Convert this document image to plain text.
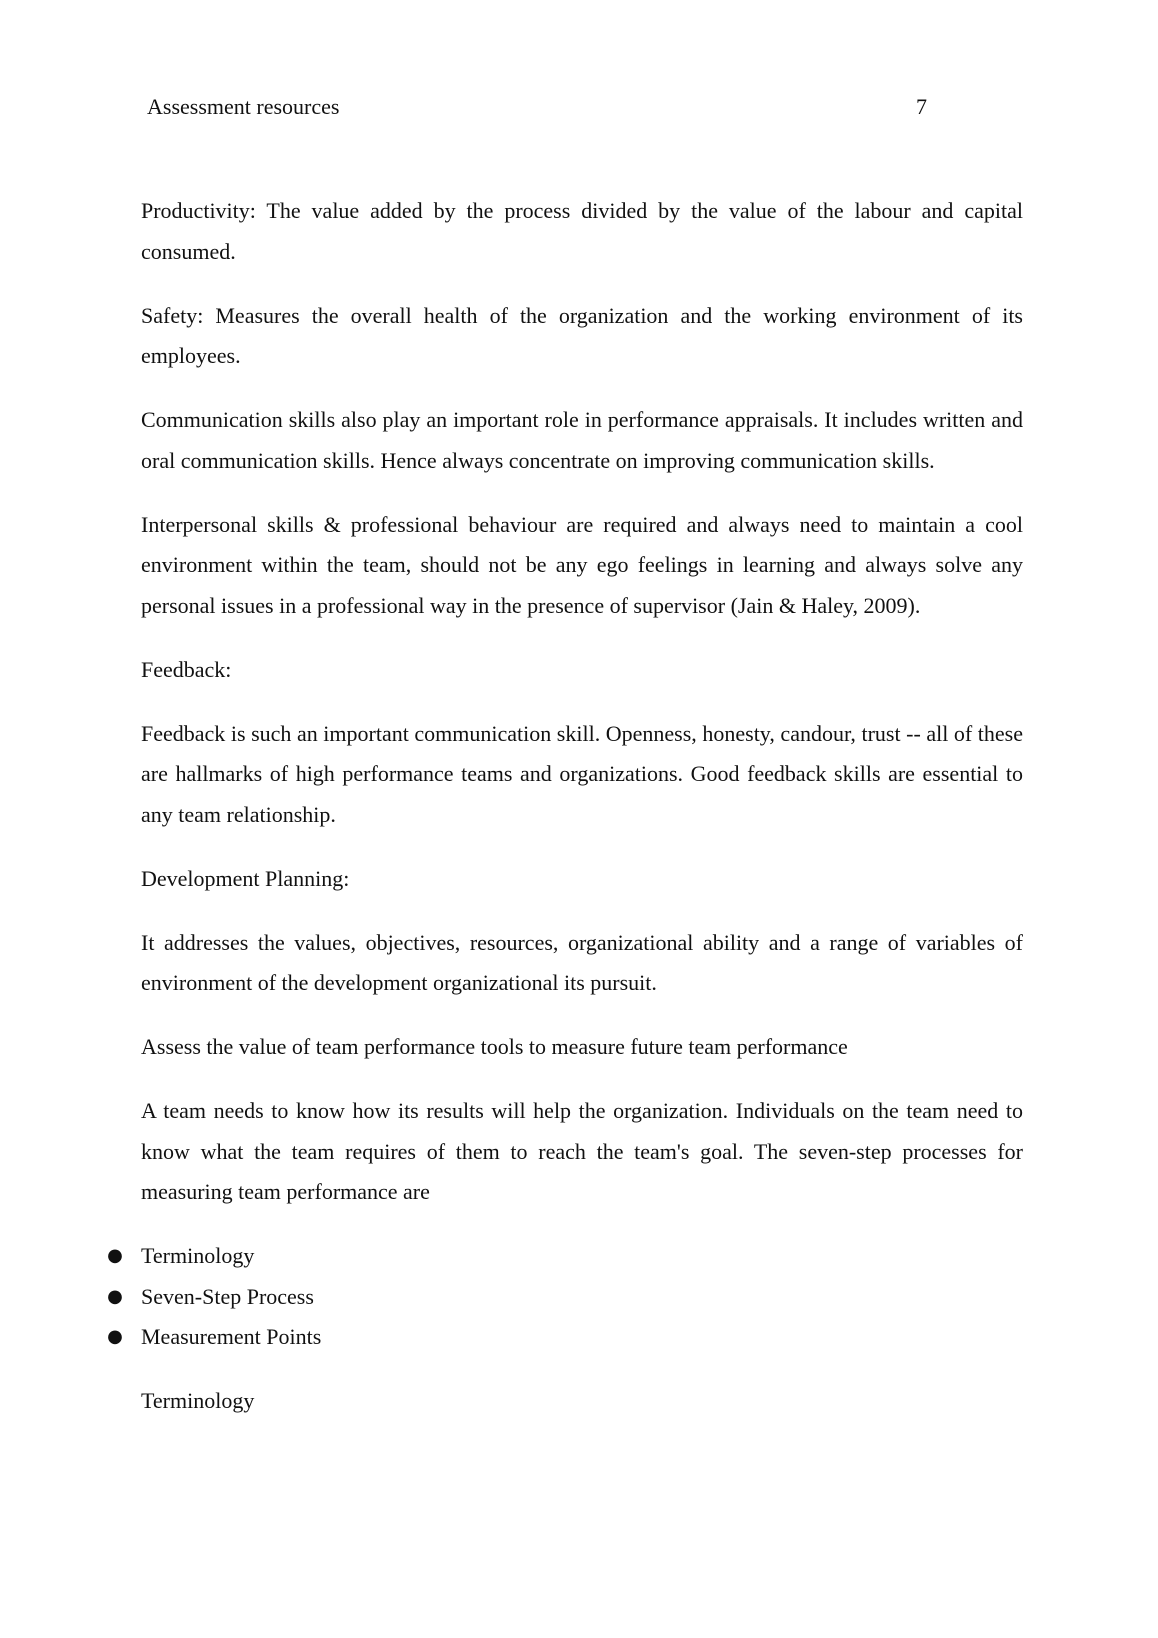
Assessment resources	7

Productivity: The value added by the process divided by the value of the labour and capital consumed.

Safety: Measures the overall health of the organization and the working environment of its employees.

Communication skills also play an important role in performance appraisals. It includes written and oral communication skills. Hence always concentrate on improving communication skills.

Interpersonal skills & professional behaviour are required and always need to maintain a cool environment within the team, should not be any ego feelings in learning and always solve any personal issues in a professional way in the presence of supervisor (Jain & Haley, 2009).

Feedback:

Feedback is such an important communication skill. Openness, honesty, candour, trust -- all of these are hallmarks of high performance teams and organizations. Good feedback skills are essential to any team relationship.

Development Planning:

It addresses the values, objectives, resources, organizational ability and a range of variables of environment of the development organizational its pursuit.

Assess the value of team performance tools to measure future team performance

A team needs to know how its results will help the organization. Individuals on the team need to know what the team requires of them to reach the team's goal. The seven-step processes for measuring team performance are

● Terminology
● Seven-Step Process
● Measurement Points

Terminology
